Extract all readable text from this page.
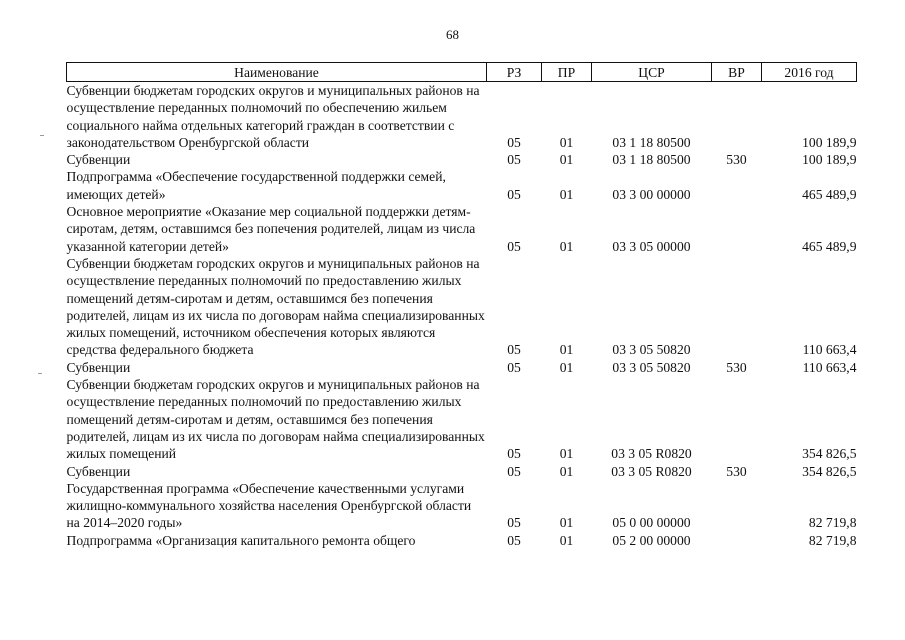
68
Наименование	РЗ	ПР	ЦСР	ВР	2016 год
Субвенции бюджетам городских округов и муниципальных районов на осуществление переданных полномочий по обеспечению жильем социального найма отдельных категорий граждан в соответствии с законодательством Оренбургской области	05	01	03 1 18 80500		100 189,9
Субвенции	05	01	03 1 18 80500	530	100 189,9
Подпрограмма «Обеспечение государственной поддержки семей, имеющих детей»	05	01	03 3 00 00000		465 489,9
Основное мероприятие «Оказание мер социальной поддержки детям-сиротам, детям, оставшимся без попечения родителей, лицам из числа указанной категории детей»	05	01	03 3 05 00000		465 489,9
Субвенции бюджетам городских округов и муниципальных районов на осуществление переданных полномочий по предоставлению жилых помещений детям-сиротам и детям, оставшимся без попечения родителей, лицам из их числа по договорам найма специализированных жилых помещений, источником обеспечения которых являются средства федерального бюджета	05	01	03 3 05 50820		110 663,4
Субвенции	05	01	03 3 05 50820	530	110 663,4
Субвенции бюджетам городских округов и муниципальных районов на осуществление переданных полномочий по предоставлению жилых помещений детям-сиротам и детям, оставшимся без попечения родителей, лицам из их числа по договорам найма специализированных жилых помещений	05	01	03 3 05 R0820		354 826,5
Субвенции	05	01	03 3 05 R0820	530	354 826,5
Государственная программа «Обеспечение качественными услугами жилищно-коммунального хозяйства населения Оренбургской области на 2014–2020 годы»	05	01	05 0 00 00000		82 719,8
Подпрограмма «Организация капитального ремонта общего	05	01	05 2 00 00000		82 719,8
